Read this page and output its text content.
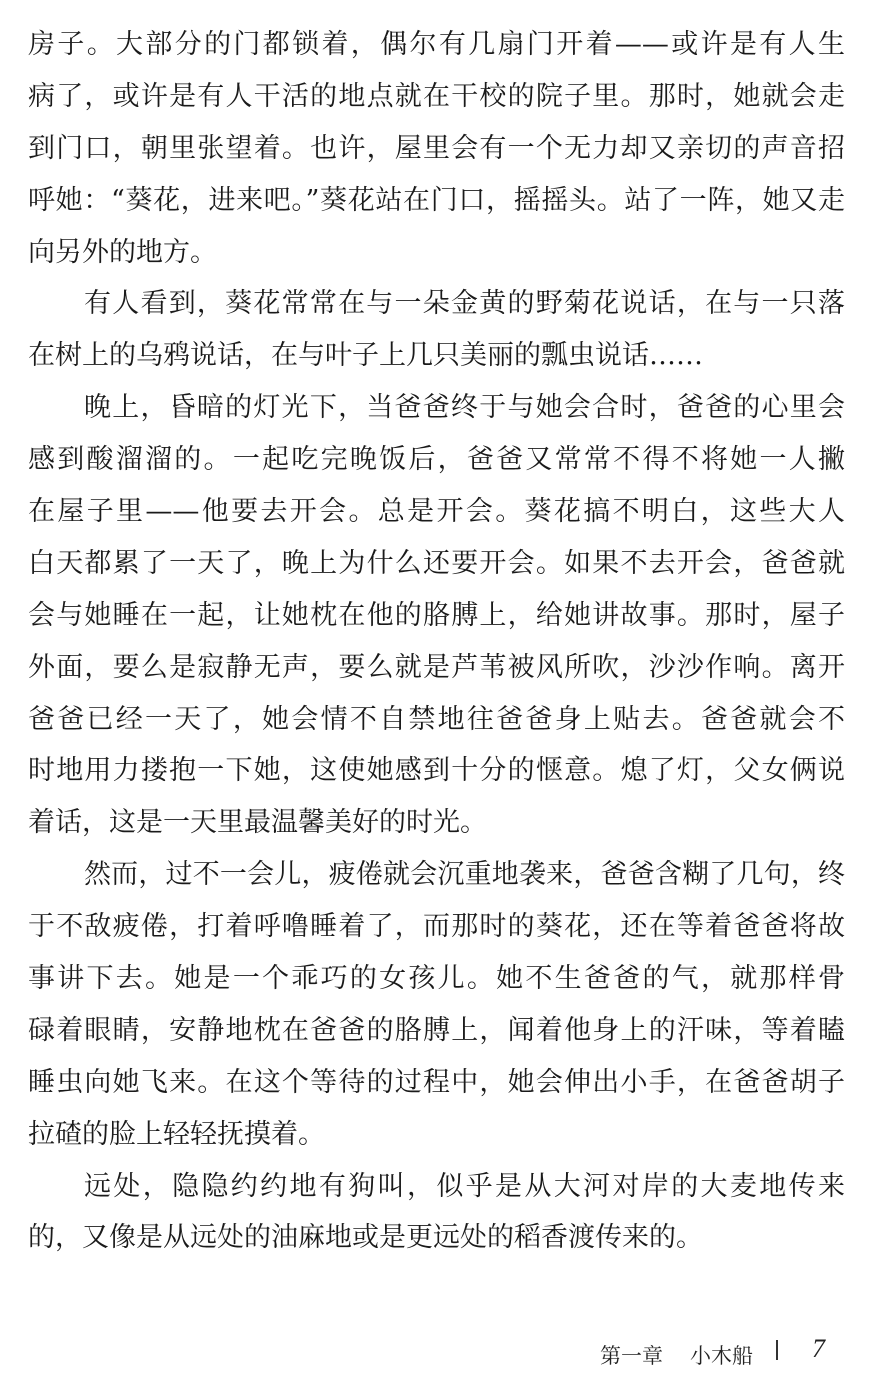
房子。大部分的门都锁着，偶尔有几扇门开着——或许是有人生
病了，或许是有人干活的地点就在干校的院子里。那时，她就会走
到门口，朝里张望着。也许，屋里会有一个无力却又亲切的声音招
呼她：“葵花，进来吧。”葵花站在门口，摇摇头。站了一阵，她又走
向另外的地方。
有人看到，葵花常常在与一朵金黄的野菊花说话，在与一只落
在树上的乌鸦说话，在与叶子上几只美丽的瓢虫说话……
晚上，昏暗的灯光下，当爸爸终于与她会合时，爸爸的心里会
感到酸溜溜的。一起吃完晚饭后，爸爸又常常不得不将她一人撇
在屋子里——他要去开会。总是开会。葵花搞不明白，这些大人
白天都累了一天了，晚上为什么还要开会。如果不去开会，爸爸就
会与她睡在一起，让她枕在他的胳膊上，给她讲故事。那时，屋子
外面，要么是寂静无声，要么就是芦苇被风所吹，沙沙作响。离开
爸爸已经一天了，她会情不自禁地往爸爸身上贴去。爸爸就会不
时地用力搂抱一下她，这使她感到十分的惬意。熄了灯，父女俩说
着话，这是一天里最温馨美好的时光。
然而，过不一会儿，疲倦就会沉重地袭来，爸爸含糊了几句，终
于不敌疲倦，打着呼噜睡着了，而那时的葵花，还在等着爸爸将故
事讲下去。她是一个乖巧的女孩儿。她不生爸爸的气，就那样骨
碌着眼睛，安静地枕在爸爸的胳膊上，闻着他身上的汗味，等着瞌
睡虫向她飞来。在这个等待的过程中，她会伸出小手，在爸爸胡子
拉碴的脸上轻轻抚摸着。
远处，隐隐约约地有狗叫，似乎是从大河对岸的大麦地传来
的，又像是从远处的油麻地或是更远处的稻香渡传来的。
第一章 小木船 7
